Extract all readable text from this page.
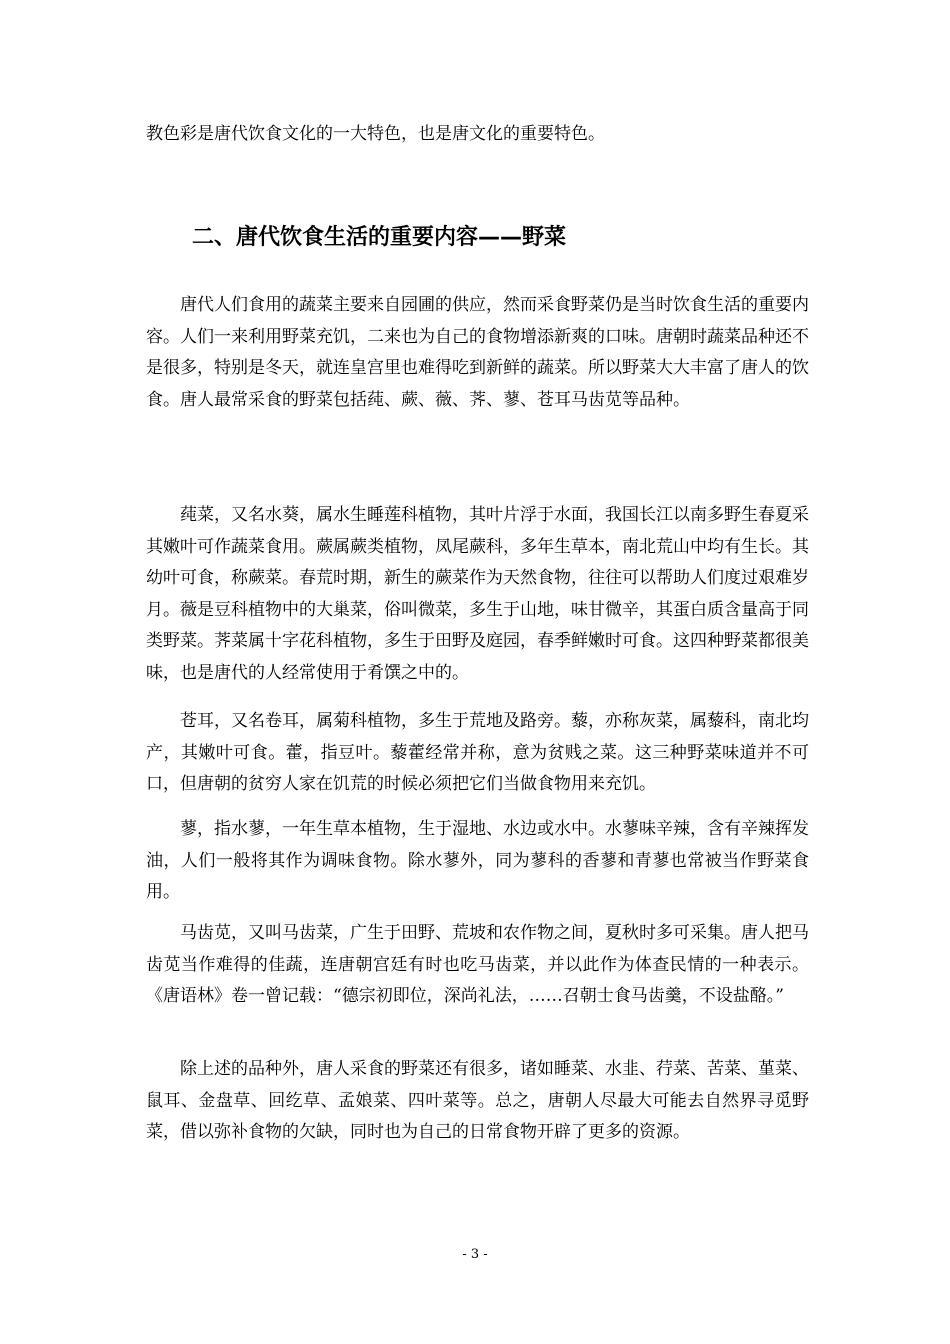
教色彩是唐代饮食文化的一大特色，也是唐文化的重要特色。
二、唐代饮食生活的重要内容——野菜

唐代人们食用的蔬菜主要来自园圃的供应，然而采食野菜仍是当时饮食生活的重要内容。人们一来利用野菜充饥，二来也为自己的食物增添新爽的口味。唐朝时蔬菜品种还不是很多，特别是冬天，就连皇宫里也难得吃到新鲜的蔬菜。所以野菜大大丰富了唐人的饮食。唐人最常采食的野菜包括莼、蕨、薇、荠、蓼、苍耳马齿苋等品种。

莼菜，又名水葵，属水生睡莲科植物，其叶片浮于水面，我国长江以南多野生春夏采其嫩叶可作蔬菜食用。蕨属蕨类植物，凤尾蕨科，多年生草本，南北荒山中均有生长。其幼叶可食，称蕨菜。春荒时期，新生的蕨菜作为天然食物，往往可以帮助人们度过艰难岁月。薇是豆科植物中的大巢菜，俗叫微菜，多生于山地，味甘微辛，其蛋白质含量高于同类野菜。荠菜属十字花科植物，多生于田野及庭园，春季鲜嫩时可食。这四种野菜都很美味，也是唐代的人经常使用于肴馔之中的。

苍耳，又名卷耳，属菊科植物，多生于荒地及路旁。藜，亦称灰菜，属藜科，南北均产，其嫩叶可食。藿，指豆叶。藜藿经常并称，意为贫贱之菜。这三种野菜味道并不可口，但唐朝的贫穷人家在饥荒的时候必须把它们当做食物用来充饥。

蓼，指水蓼，一年生草本植物，生于湿地、水边或水中。水蓼味辛辣，含有辛辣挥发油，人们一般将其作为调味食物。除水蓼外，同为蓼科的香蓼和青蓼也常被当作野菜食用。

马齿苋，又叫马齿菜，广生于田野、荒坡和农作物之间，夏秋时多可采集。唐人把马齿苋当作难得的佳蔬，连唐朝宫廷有时也吃马齿菜，并以此作为体查民情的一种表示。《唐语林》卷一曾记载：“德宗初即位，深尚礼法，……召朝士食马齿羹，不设盐酪。”

除上述的品种外，唐人采食的野菜还有很多，诸如睡菜、水韭、荇菜、苦菜、堇菜、鼠耳、金盘草、回纥草、孟娘菜、四叶菜等。总之，唐朝人尽最大可能去自然界寻觅野菜，借以弥补食物的欠缺，同时也为自己的日常食物开辟了更多的资源。

- 3 -
